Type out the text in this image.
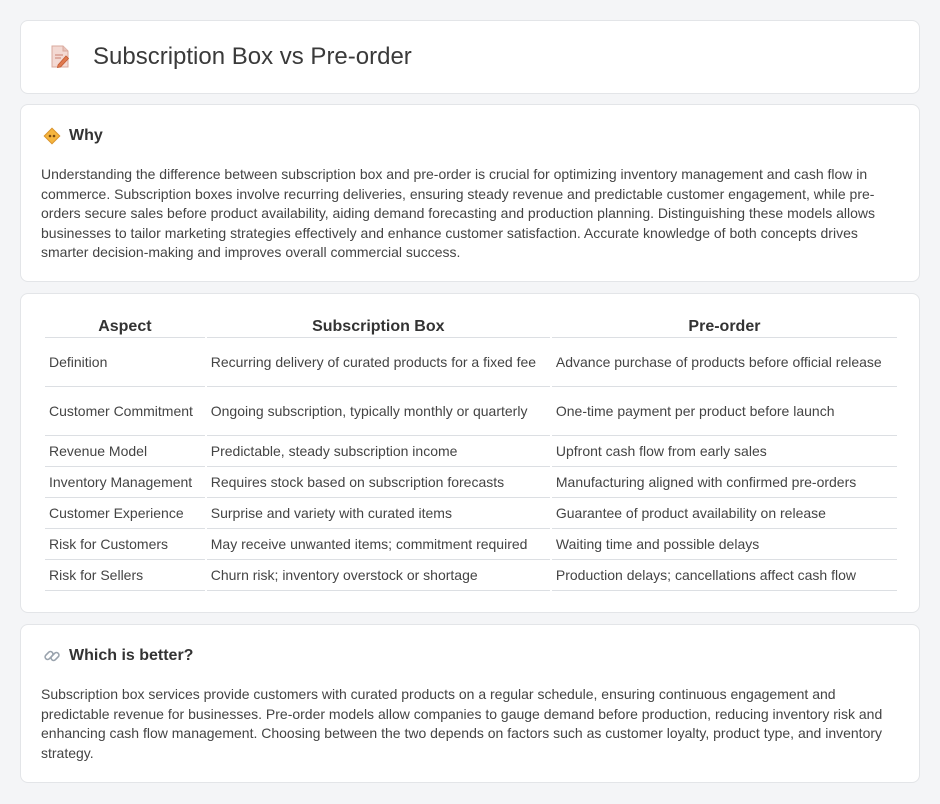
Subscription Box vs Pre-order
Why

Understanding the difference between subscription box and pre-order is crucial for optimizing inventory management and cash flow in commerce. Subscription boxes involve recurring deliveries, ensuring steady revenue and predictable customer engagement, while pre-orders secure sales before product availability, aiding demand forecasting and production planning. Distinguishing these models allows businesses to tailor marketing strategies effectively and enhance customer satisfaction. Accurate knowledge of both concepts drives smarter decision-making and improves overall commercial success.

Aspect	Subscription Box	Pre-order
Definition	Recurring delivery of curated products for a fixed fee	Advance purchase of products before official release
Customer Commitment	Ongoing subscription, typically monthly or quarterly	One-time payment per product before launch
Revenue Model	Predictable, steady subscription income	Upfront cash flow from early sales
Inventory Management	Requires stock based on subscription forecasts	Manufacturing aligned with confirmed pre-orders
Customer Experience	Surprise and variety with curated items	Guarantee of product availability on release
Risk for Customers	May receive unwanted items; commitment required	Waiting time and possible delays
Risk for Sellers	Churn risk; inventory overstock or shortage	Production delays; cancellations affect cash flow
Which is better?

Subscription box services provide customers with curated products on a regular schedule, ensuring continuous engagement and predictable revenue for businesses. Pre-order models allow companies to gauge demand before production, reducing inventory risk and enhancing cash flow management. Choosing between the two depends on factors such as customer loyalty, product type, and inventory strategy.
